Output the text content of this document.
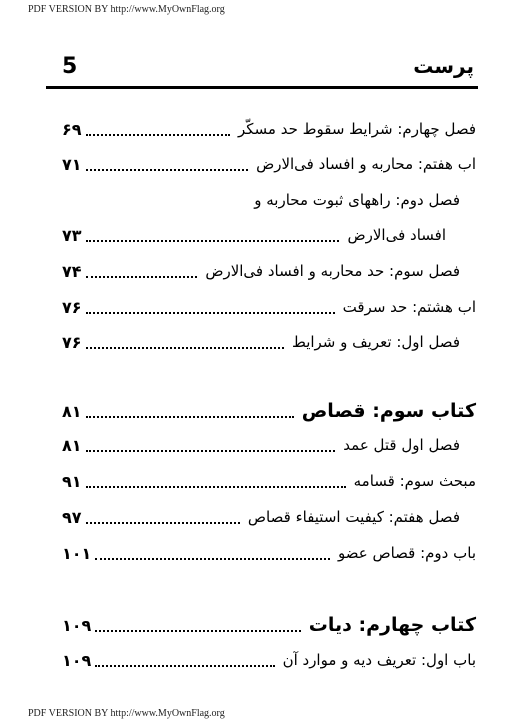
PDF VERSION BY http://www.MyOwnFlag.org
پرست
5
فصل چهارم: شرایط سقوط حد مسکّر
۶۹
اب هفتم: محاربه و افساد فی‌الارض
۷۱
فصل دوم: راههای ثبوت محاربه و
افساد فی‌الارض
۷۳
فصل سوم: حد محاربه و افساد فی‌الارض
۷۴
اب هشتم: حد سرقت
۷۶
فصل اول: تعریف و شرایط
۷۶
کتاب سوم: قصاص
۸۱
فصل اول قتل عمد
۸۱
مبحث سوم: قسامه
۹۱
فصل هفتم: کیفیت استیفاء قصاص
۹۷
باب دوم: قصاص عضو
۱۰۱
کتاب چهارم: دیات
۱۰۹
باب اول: تعریف دیه و موارد آن
۱۰۹
PDF VERSION BY http://www.MyOwnFlag.org
